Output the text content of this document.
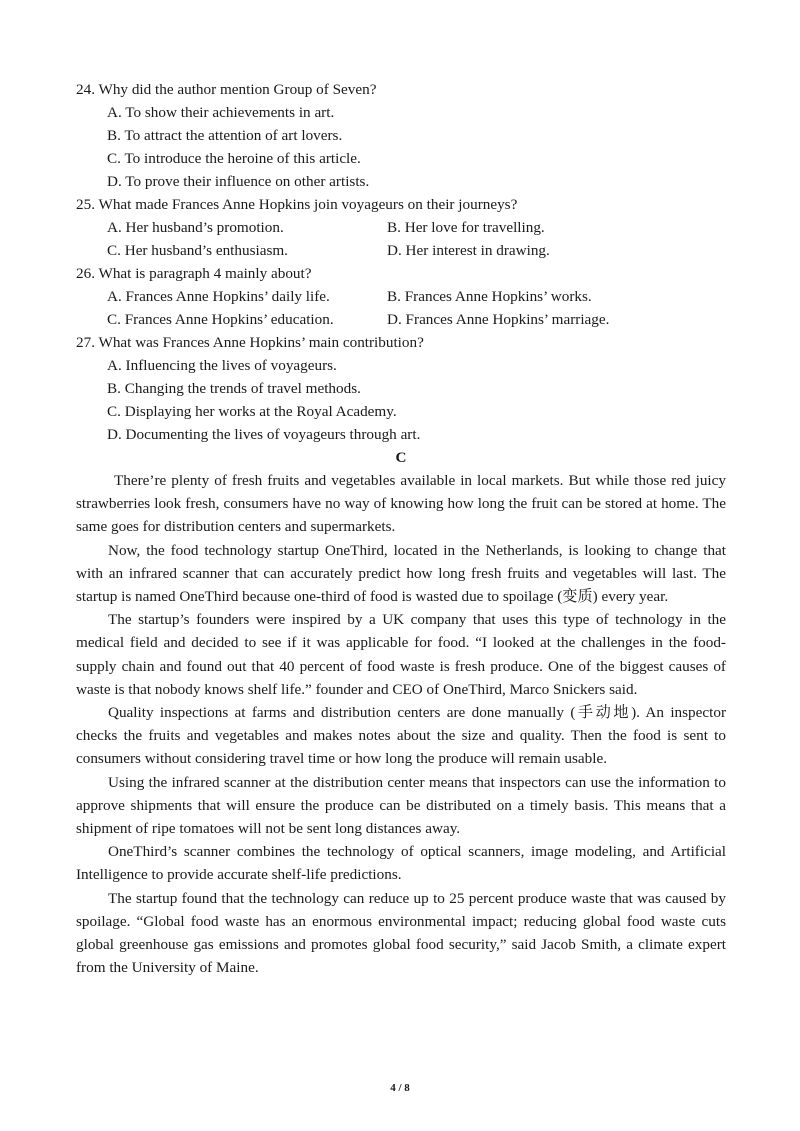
24. Why did the author mention Group of Seven?
A. To show their achievements in art.
B. To attract the attention of art lovers.
C. To introduce the heroine of this article.
D. To prove their influence on other artists.
25. What made Frances Anne Hopkins join voyageurs on their journeys?
A. Her husband’s promotion.	B. Her love for travelling.
C. Her husband’s enthusiasm.	D. Her interest in drawing.
26. What is paragraph 4 mainly about?
A. Frances Anne Hopkins’ daily life.	B. Frances Anne Hopkins’ works.
C. Frances Anne Hopkins’ education.	D. Frances Anne Hopkins’ marriage.
27. What was Frances Anne Hopkins’ main contribution?
A. Influencing the lives of voyageurs.
B. Changing the trends of travel methods.
C. Displaying her works at the Royal Academy.
D. Documenting the lives of voyageurs through art.
C

There’re plenty of fresh fruits and vegetables available in local markets. But while those red juicy strawberries look fresh, consumers have no way of knowing how long the fruit can be stored at home. The same goes for distribution centers and supermarkets.

Now, the food technology startup OneThird, located in the Netherlands, is looking to change that with an infrared scanner that can accurately predict how long fresh fruits and vegetables will last. The startup is named OneThird because one-third of food is wasted due to spoilage (变质) every year.

The startup’s founders were inspired by a UK company that uses this type of technology in the medical field and decided to see if it was applicable for food. “I looked at the challenges in the food-supply chain and found out that 40 percent of food waste is fresh produce. One of the biggest causes of waste is that nobody knows shelf life.” founder and CEO of OneThird, Marco Snickers said.

Quality inspections at farms and distribution centers are done manually (手动地). An inspector checks the fruits and vegetables and makes notes about the size and quality. Then the food is sent to consumers without considering travel time or how long the produce will remain usable.

Using the infrared scanner at the distribution center means that inspectors can use the information to approve shipments that will ensure the produce can be distributed on a timely basis. This means that a shipment of ripe tomatoes will not be sent long distances away.

OneThird’s scanner combines the technology of optical scanners, image modeling, and Artificial Intelligence to provide accurate shelf-life predictions.

The startup found that the technology can reduce up to 25 percent produce waste that was caused by spoilage. “Global food waste has an enormous environmental impact; reducing global food waste cuts global greenhouse gas emissions and promotes global food security,” said Jacob Smith, a climate expert from the University of Maine.

4 / 8
